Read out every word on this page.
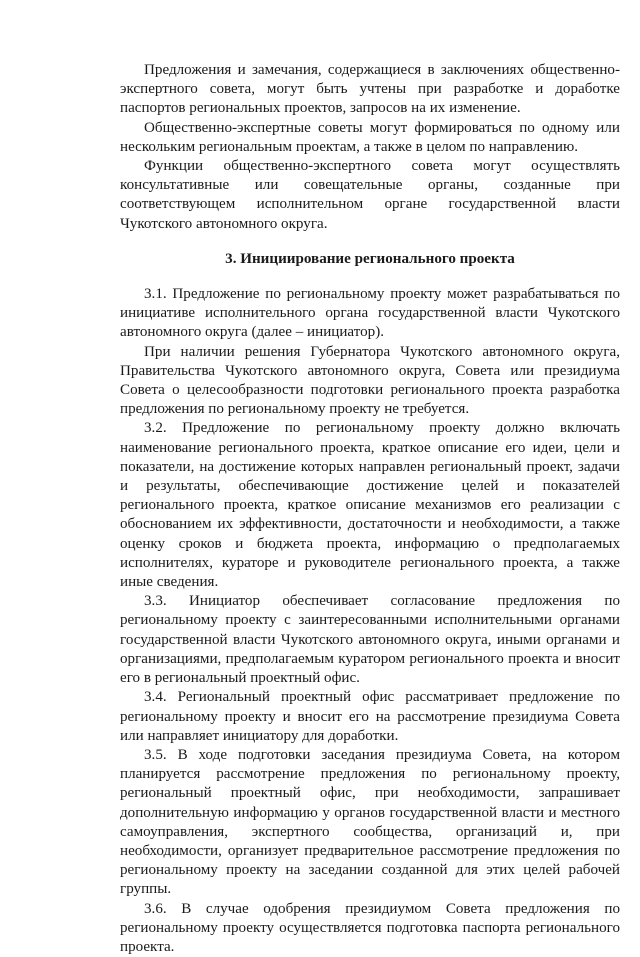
Предложения и замечания, содержащиеся в заключениях общественно-экспертного совета, могут быть учтены при разработке и доработке паспортов региональных проектов, запросов на их изменение.

Общественно-экспертные советы могут формироваться по одному или нескольким региональным проектам, а также в целом по направлению.

Функции общественно-экспертного совета могут осуществлять консультативные или совещательные органы, созданные при соответствующем исполнительном органе государственной власти Чукотского автономного округа.

3. Инициирование регионального проекта

3.1. Предложение по региональному проекту может разрабатываться по инициативе исполнительного органа государственной власти Чукотского автономного округа (далее – инициатор).

При наличии решения Губернатора Чукотского автономного округа, Правительства Чукотского автономного округа, Совета или президиума Совета о целесообразности подготовки регионального проекта разработка предложения по региональному проекту не требуется.

3.2. Предложение по региональному проекту должно включать наименование регионального проекта, краткое описание его идеи, цели и показатели, на достижение которых направлен региональный проект, задачи и результаты, обеспечивающие достижение целей и показателей регионального проекта, краткое описание механизмов его реализации с обоснованием их эффективности, достаточности и необходимости, а также оценку сроков и бюджета проекта, информацию о предполагаемых исполнителях, кураторе и руководителе регионального проекта, а также иные сведения.

3.3. Инициатор обеспечивает согласование предложения по региональному проекту с заинтересованными исполнительными органами государственной власти Чукотского автономного округа, иными органами и организациями, предполагаемым куратором регионального проекта и вносит его в региональный проектный офис.

3.4. Региональный проектный офис рассматривает предложение по региональному проекту и вносит его на рассмотрение президиума Совета или направляет инициатору для доработки.

3.5. В ходе подготовки заседания президиума Совета, на котором планируется рассмотрение предложения по региональному проекту, региональный проектный офис, при необходимости, запрашивает дополнительную информацию у органов государственной власти и местного самоуправления, экспертного сообщества, организаций и, при необходимости, организует предварительное рассмотрение предложения по региональному проекту на заседании созданной для этих целей рабочей группы.

3.6. В случае одобрения президиумом Совета предложения по региональному проекту осуществляется подготовка паспорта регионального проекта.
